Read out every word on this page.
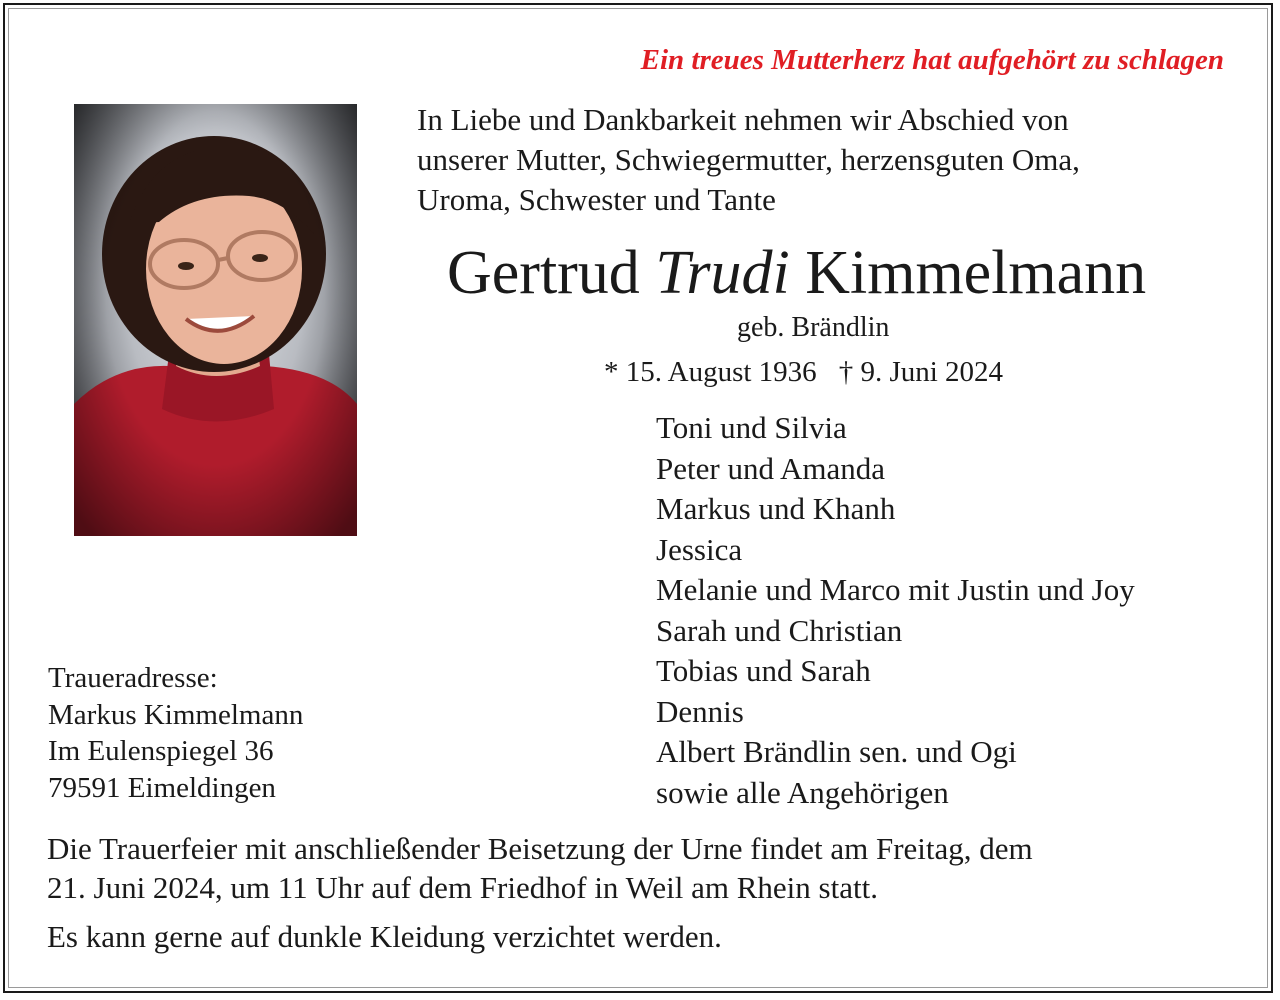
Ein treues Mutterherz hat aufgehört zu schlagen
In Liebe und Dankbarkeit nehmen wir Abschied von
unserer Mutter, Schwiegermutter, herzensguten Oma,
Uroma, Schwester und Tante
Gertrud Trudi Kimmelmann
geb. Brändlin
* 15. August 1936 † 9. Juni 2024
Toni und Silvia
Peter und Amanda
Markus und Khanh
Jessica
Melanie und Marco mit Justin und Joy
Sarah und Christian
Tobias und Sarah
Dennis
Albert Brändlin sen. und Ogi
sowie alle Angehörigen
Traueradresse:
Markus Kimmelmann
Im Eulenspiegel 36
79591 Eimeldingen
Die Trauerfeier mit anschließender Beisetzung der Urne findet am Freitag, dem
21. Juni 2024, um 11 Uhr auf dem Friedhof in Weil am Rhein statt.
Es kann gerne auf dunkle Kleidung verzichtet werden.
